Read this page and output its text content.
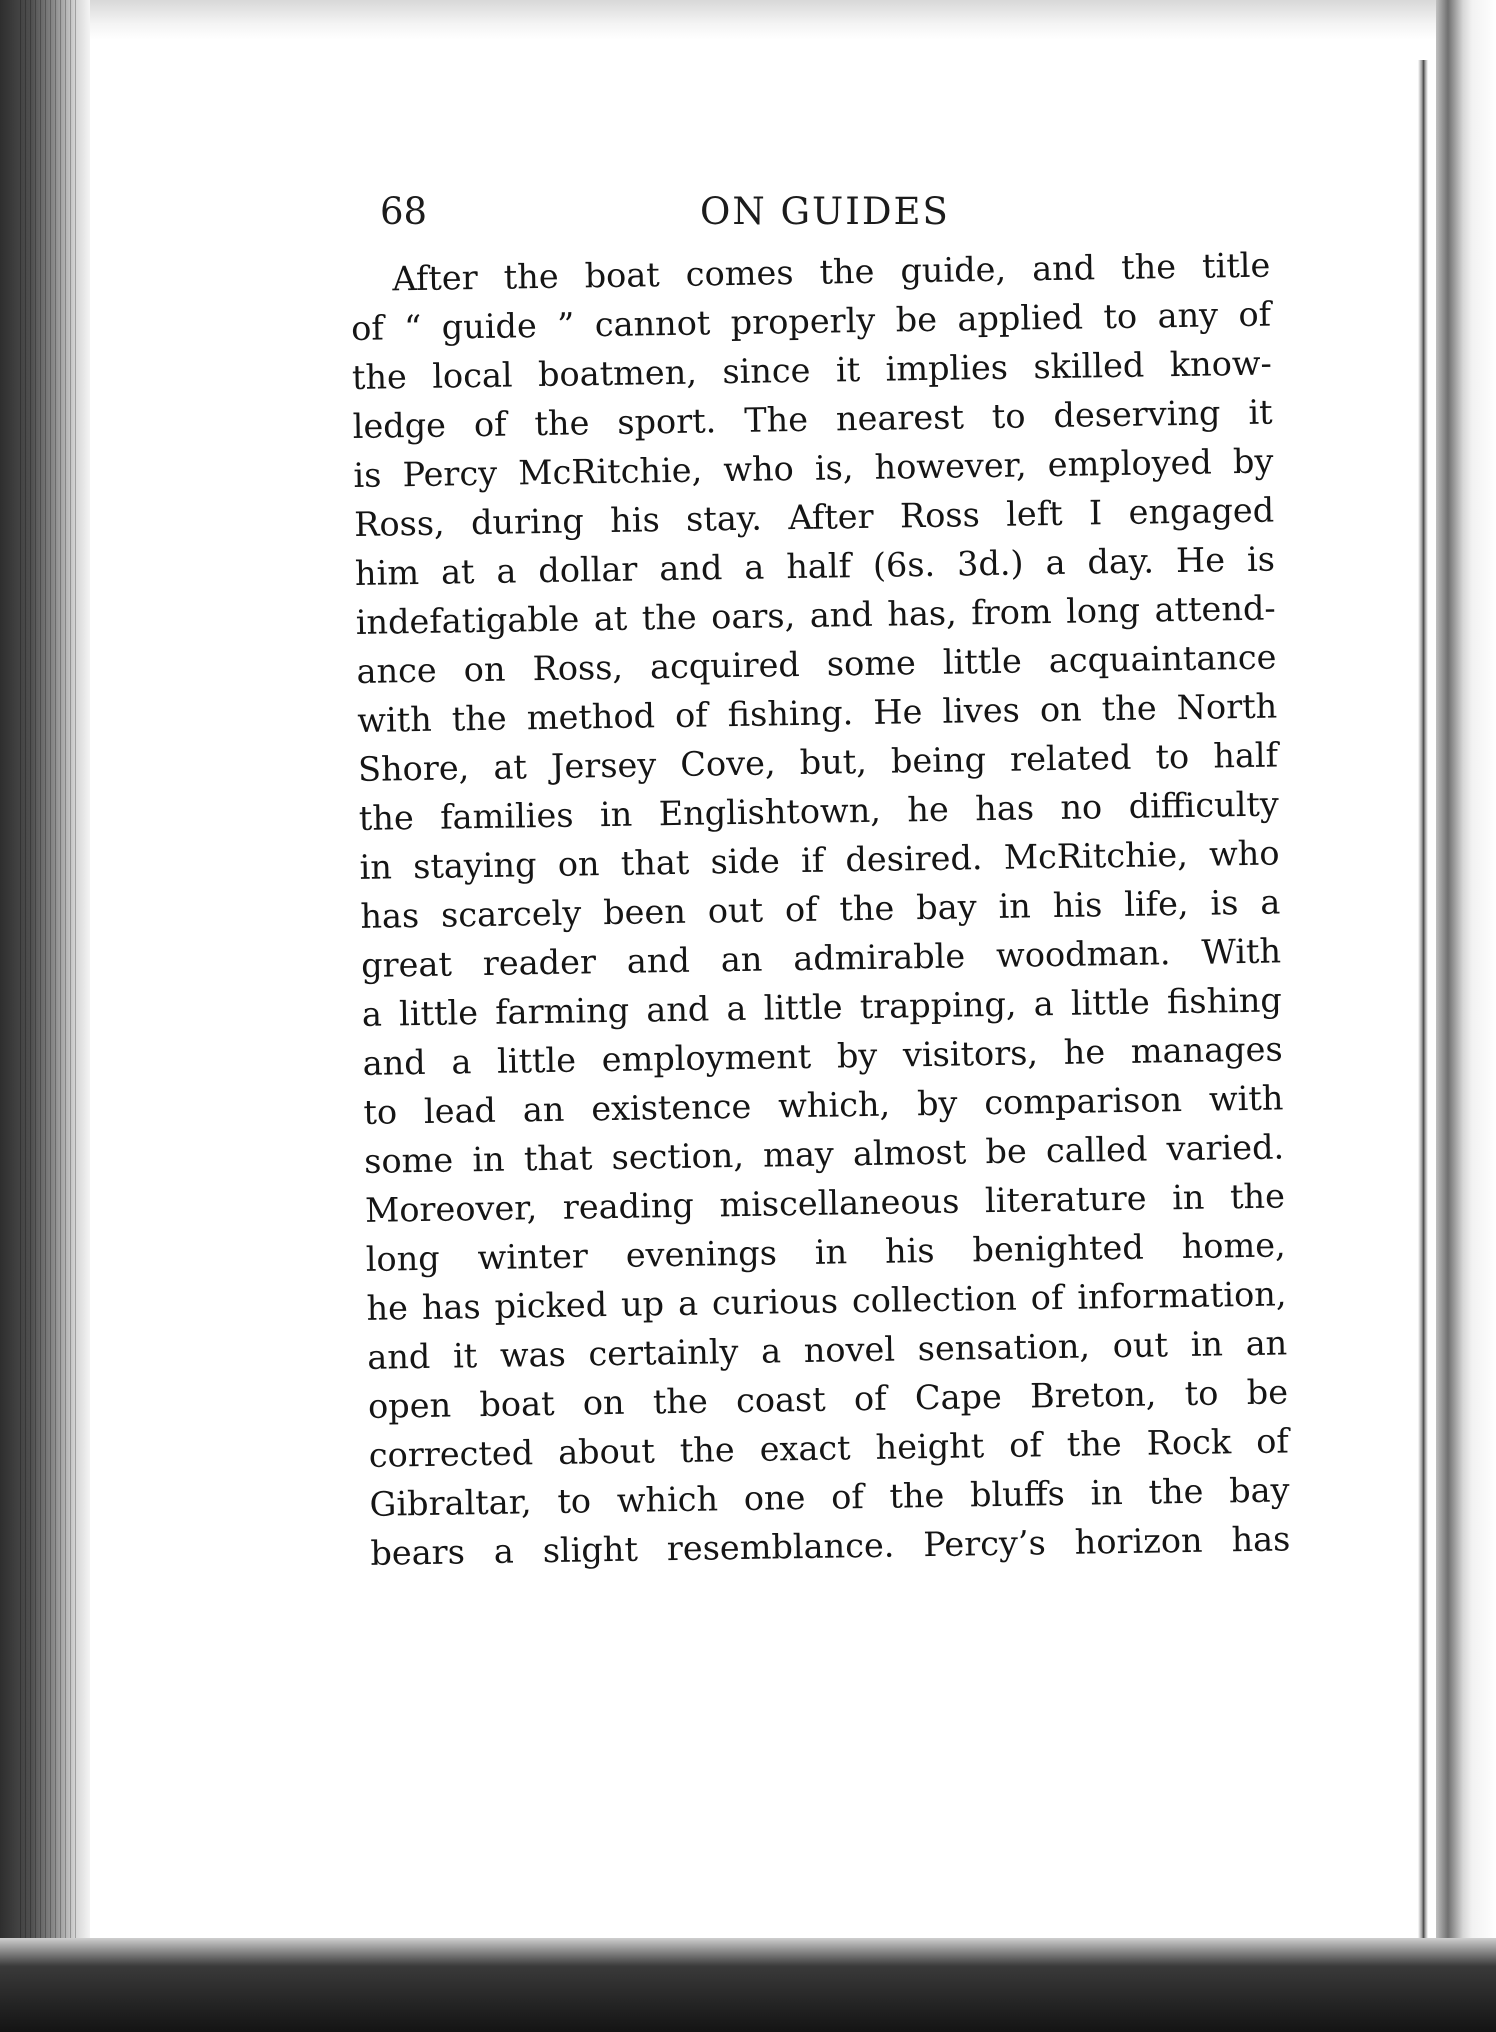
68	ON GUIDES
After the boat comes the guide, and the title
of “ guide ” cannot properly be applied to any of
the local boatmen, since it implies skilled know-
ledge of the sport. The nearest to deserving it
is Percy McRitchie, who is, however, employed by
Ross, during his stay. After Ross left I engaged
him at a dollar and a half (6s. 3d.) a day. He is
indefatigable at the oars, and has, from long attend-
ance on Ross, acquired some little acquaintance
with the method of fishing. He lives on the North
Shore, at Jersey Cove, but, being related to half
the families in Englishtown, he has no difficulty
in staying on that side if desired. McRitchie, who
has scarcely been out of the bay in his life, is a
great reader and an admirable woodman. With
a little farming and a little trapping, a little fishing
and a little employment by visitors, he manages
to lead an existence which, by comparison with
some in that section, may almost be called varied.
Moreover, reading miscellaneous literature in the
long winter evenings in his benighted home,
he has picked up a curious collection of information,
and it was certainly a novel sensation, out in an
open boat on the coast of Cape Breton, to be
corrected about the exact height of the Rock of
Gibraltar, to which one of the bluffs in the bay
bears a slight resemblance. Percy’s horizon has
